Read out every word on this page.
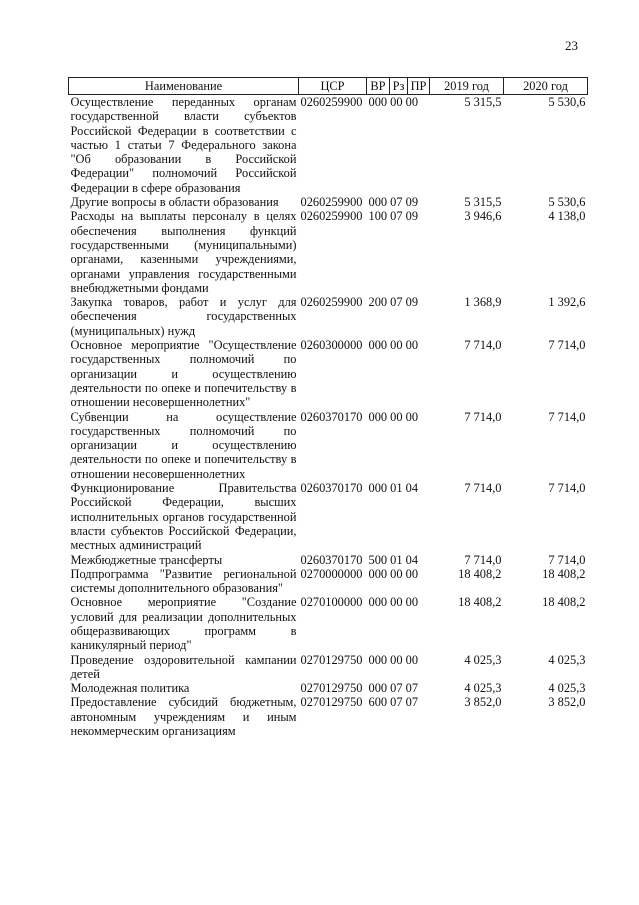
23
Наименование	ЦСР	ВР	Рз	ПР	2019 год	2020 год
Осуществление переданных органам государственной власти субъектов Российской Федерации в соответствии с частью 1 статьи 7 Федерального закона "Об образовании в Российской Федерации" полномочий Российской Федерации в сфере образования	0260259900	000 00 00			5 315,5	5 530,6
Другие вопросы в области образования	0260259900	000 07 09			5 315,5	5 530,6
Расходы на выплаты персоналу в целях обеспечения выполнения функций государственными (муниципальными) органами, казенными учреждениями, органами управления государственными внебюджетными фондами	0260259900	100 07 09			3 946,6	4 138,0
Закупка товаров, работ и услуг для обеспечения государственных (муниципальных) нужд	0260259900	200 07 09			1 368,9	1 392,6
Основное мероприятие "Осуществление государственных полномочий по организации и осуществлению деятельности по опеке и попечительству в отношении несовершеннолетних"	0260300000	000 00 00			7 714,0	7 714,0
Субвенции на осуществление государственных полномочий по организации и осуществлению деятельности по опеке и попечительству в отношении несовершеннолетних	0260370170	000 00 00			7 714,0	7 714,0
Функционирование Правительства Российской Федерации, высших исполнительных органов государственной власти субъектов Российской Федерации, местных администраций	0260370170	000 01 04			7 714,0	7 714,0
Межбюджетные трансферты	0260370170	500 01 04			7 714,0	7 714,0
Подпрограмма "Развитие региональной системы дополнительного образования"	0270000000	000 00 00			18 408,2	18 408,2
Основное мероприятие "Создание условий для реализации дополнительных общеразвивающих программ в каникулярный период"	0270100000	000 00 00			18 408,2	18 408,2
Проведение оздоровительной кампании детей	0270129750	000 00 00			4 025,3	4 025,3
Молодежная политика	0270129750	000 07 07			4 025,3	4 025,3
Предоставление субсидий бюджетным, автономным учреждениям и иным некоммерческим организациям	0270129750	600 07 07			3 852,0	3 852,0
